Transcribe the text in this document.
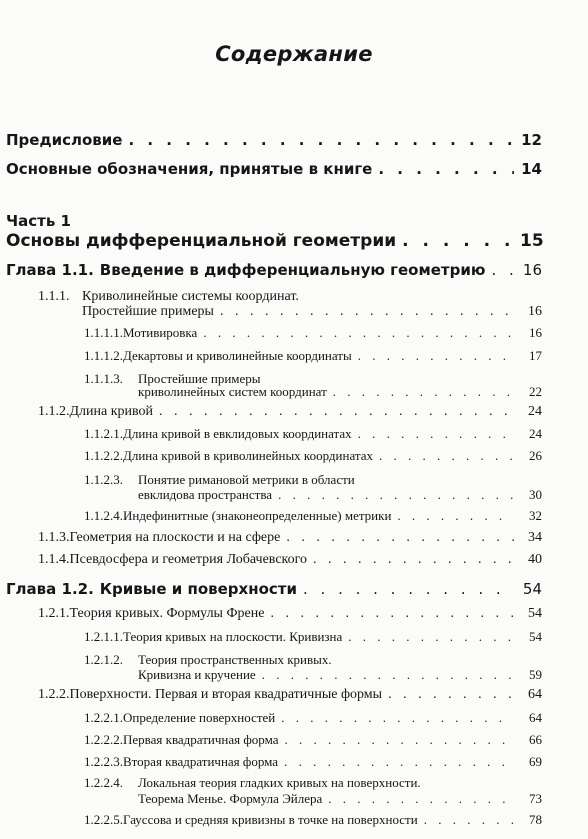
Содержание
Предисловие . . .	12
Основные обозначения, принятые в книге . . .	14
Часть 1
Основы дифференциальной геометрии . . .	15
Глава 1.1. Введение в дифференциальную геометрию . . . 16
1.1.1. Криволинейные системы координат.
Простейшие примеры . . .	16
1.1.1.1. Мотивировка . . .	16
1.1.1.2. Декартовы и криволинейные координаты . . .	17
1.1.1.3. Простейшие примеры
криволинейных систем координат . . .	22
1.1.2. Длина кривой . . .	24
1.1.2.1. Длина кривой в евклидовых координатах . . .	24
1.1.2.2. Длина кривой в криволинейных координатах . . .	26
1.1.2.3. Понятие римановой метрики в области
евклидова пространства . . .	30
1.1.2.4. Индефинитные (знаконеопределенные) метрики . . .	32
1.1.3. Геометрия на плоскости и на сфере . . .	34
1.1.4. Псевдосфера и геометрия Лобачевского . . .	40
Глава 1.2. Кривые и поверхности . . .	54
1.2.1. Теория кривых. Формулы Френе . . .	54
1.2.1.1. Теория кривых на плоскости. Кривизна . . .	54
1.2.1.2. Теория пространственных кривых.
Кривизна и кручение . . .	59
1.2.2. Поверхности. Первая и вторая квадратичные формы . . .	64
1.2.2.1. Определение поверхностей . . .	64
1.2.2.2. Первая квадратичная форма . . .	66
1.2.2.3. Вторая квадратичная форма . . .	69
1.2.2.4. Локальная теория гладких кривых на поверхности.
Теорема Менье. Формула Эйлера . . .	73
1.2.2.5. Гауссова и средняя кривизны в точке на поверхности . . .	78
